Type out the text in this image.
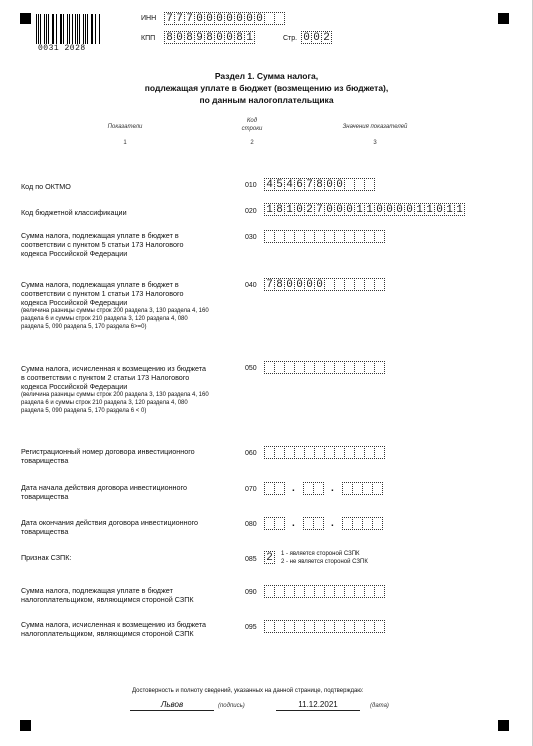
0031 2028
ИНН 7 7 7 0 0 0 0 0 0 0
КПП 8 0 8 9 8 0 0 8 1	Стр. 0 0 2
Раздел 1. Сумма налога,
подлежащая уплате в бюджет (возмещению из бюджета),
по данным налогоплательщика
Показатели
Код
строки	Значения показателей
1	2	3
Код по ОКТМО	010 4 5 4 6 7 8 0 0
Код бюджетной классификации	020 1 8 1 0 2 7 0 0 0 1 1 0 0 0 0 1 1 0 1 1
Сумма налога, подлежащая уплате в бюджет в соответствии с пунктом 5 статьи 173 Налогового кодекса Российской Федерации
030
Сумма налога, подлежащая уплате в бюджет в соответствии с пунктом 1 статьи 173 Налогового кодекса Российской Федерации
(величина разницы суммы строк 200 раздела 3, 130 раздела 4, 160 раздела 6 и суммы строк 210 раздела 3, 120 раздела 4, 080 раздела 5, 090 раздела 5, 170 раздела 6>=0)
040 7 8 0 0 0 0
Сумма налога, исчисленная к возмещению из бюджета в соответствии с пунктом 2 статьи 173 Налогового кодекса Российской Федерации
(величина разницы суммы строк 200 раздела 3, 130 раздела 4, 160 раздела 6 и суммы строк 210 раздела 3, 120 раздела 4, 080 раздела 5, 090 раздела 5, 170 раздела 6 < 0)
050
Регистрационный номер договора инвестиционного товарищества
060
Дата начала действия договора инвестиционного товарищества
070	.	.
Дата окончания действия договора инвестиционного товарищества
080	.	.
Признак СЗПК:	085 2	1 - является стороной СЗПК
2 - не является стороной СЗПК
Сумма налога, подлежащая уплате в бюджет налогоплательщиком, являющимся стороной СЗПК
090
Сумма налога, исчисленная к возмещению из бюджета налогоплательщиком, являющимся стороной СЗПК
095
Достоверность и полноту сведений, указанных на данной странице, подтверждаю:
Львов	(подпись)	11.12.2021	(дата)
